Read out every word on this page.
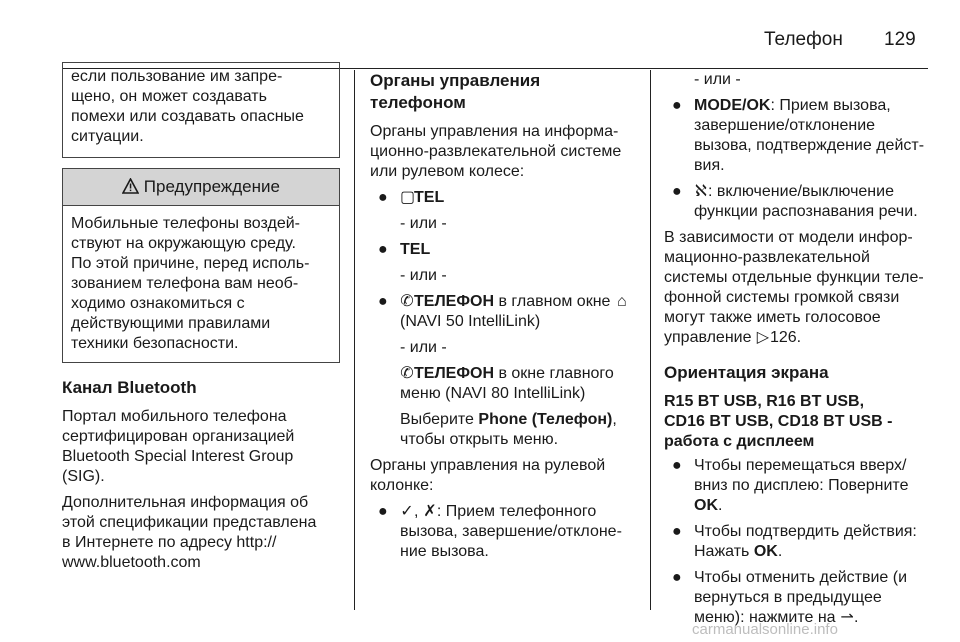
Телефон 129
если пользование им запре-
щено, он может создавать
помехи или создавать опасные
ситуации.
Предупреждение
Мобильные телефоны воздей-
ствуют на окружающую среду.
По этой причине, перед исполь-
зованием телефона вам необ-
ходимо ознакомиться с
действующими правилами
техники безопасности.
Канал Bluetooth

Портал мобильного телефона
сертифицирован организацией
Bluetooth Special Interest Group
(SIG).

Дополнительная информация об
этой спецификации представлена
в Интернете по адресу http://
www.bluetooth.com

Органы управления телефоном

Органы управления на информа-
ционно-развлекательной системе
или рулевом колесе:

● ▢TEL
- или -
● TEL
- или -
● ✆ТЕЛЕФОН в главном окне ⌂
(NAVI 50 IntelliLink)
- или -
✆ТЕЛЕФОН в окне главного
меню (NAVI 80 IntelliLink)
Выберите Phone (Телефон),
чтобы открыть меню.

Органы управления на рулевой
колонке:

● ✓, ✗: Прием телефонного
вызова, завершение/отклоне-
ние вызова.
- или -
● MODE/OK: Прием вызова,
завершение/отклонение
вызова, подтверждение дейст-
вия.
● ℵ: включение/выключение
функции распознавания речи.

В зависимости от модели инфор-
мационно-развлекательной
системы отдельные функции теле-
фонной системы громкой связи
могут также иметь голосовое
управление ▷126.

Ориентация экрана
R15 BT USB, R16 BT USB,
CD16 BT USB, CD18 BT USB -
работа с дисплеем
● Чтобы перемещаться вверх/
вниз по дисплею: Поверните
OK.
● Чтобы подтвердить действия:
Нажать OK.
● Чтобы отменить действие (и
вернуться в предыдущее
меню): нажмите на ⇀.
carmanualsonline.info
